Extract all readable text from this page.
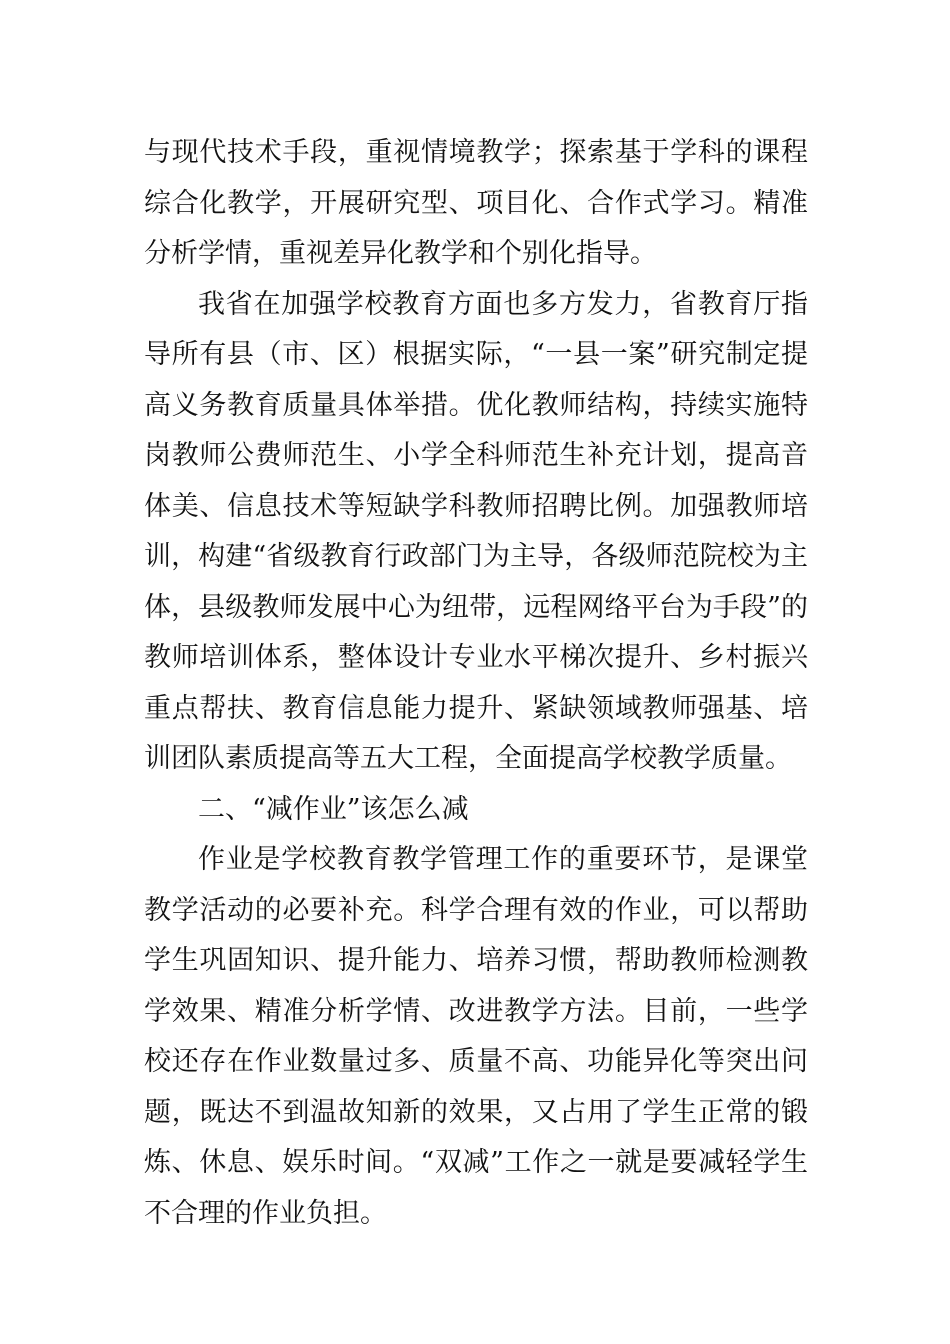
与现代技术手段，重视情境教学；探索基于学科的课程综合化教学，开展研究型、项目化、合作式学习。精准分析学情，重视差异化教学和个别化指导。

我省在加强学校教育方面也多方发力，省教育厅指导所有县（市、区）根据实际，“一县一案”研究制定提高义务教育质量具体举措。优化教师结构，持续实施特岗教师公费师范生、小学全科师范生补充计划，提高音体美、信息技术等短缺学科教师招聘比例。加强教师培训，构建“省级教育行政部门为主导，各级师范院校为主体，县级教师发展中心为纽带，远程网络平台为手段”的教师培训体系，整体设计专业水平梯次提升、乡村振兴重点帮扶、教育信息能力提升、紧缺领域教师强基、培训团队素质提高等五大工程，全面提高学校教学质量。

二、“减作业”该怎么减

作业是学校教育教学管理工作的重要环节，是课堂教学活动的必要补充。科学合理有效的作业，可以帮助学生巩固知识、提升能力、培养习惯，帮助教师检测教学效果、精准分析学情、改进教学方法。目前，一些学校还存在作业数量过多、质量不高、功能异化等突出问题，既达不到温故知新的效果，又占用了学生正常的锻炼、休息、娱乐时间。“双减”工作之一就是要减轻学生不合理的作业负担。
